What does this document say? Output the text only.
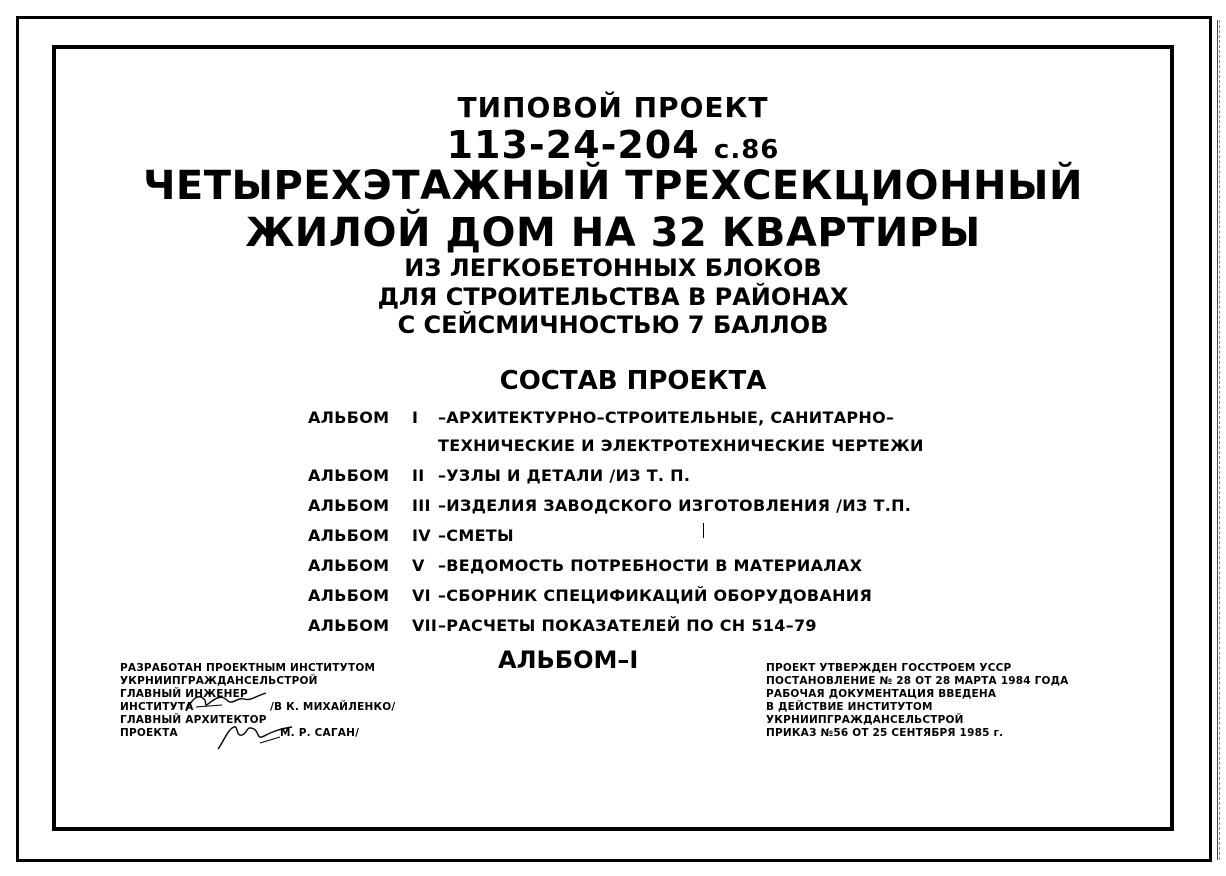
ТИПОВОЙ ПРОЕКТ
113-24-204 с.86
ЧЕТЫРЕХЭТАЖНЫЙ ТРЕХСЕКЦИОННЫЙ
ЖИЛОЙ ДОМ НА 32 КВАРТИРЫ
ИЗ ЛЕГКОБЕТОННЫХ БЛОКОВ
ДЛЯ СТРОИТЕЛЬСТВА В РАЙОНАХ
С СЕЙСМИЧНОСТЬЮ 7 БАЛЛОВ
СОСТАВ ПРОЕКТА
АЛЬБОМ I –АРХИТЕКТУРНО–СТРОИТЕЛЬНЫЕ, САНИТАРНО–
ТЕХНИЧЕСКИЕ И ЭЛЕКТРОТЕХНИЧЕСКИЕ ЧЕРТЕЖИ
АЛЬБОМ II –УЗЛЫ И ДЕТАЛИ /ИЗ Т. П.
АЛЬБОМ III –ИЗДЕЛИЯ ЗАВОДСКОГО ИЗГОТОВЛЕНИЯ /ИЗ Т.П.
АЛЬБОМ IV –СМЕТЫ
АЛЬБОМ V –ВЕДОМОСТЬ ПОТРЕБНОСТИ В МАТЕРИАЛАХ
АЛЬБОМ VI –СБОРНИК СПЕЦИФИКАЦИЙ ОБОРУДОВАНИЯ
АЛЬБОМ VII –РАСЧЕТЫ ПОКАЗАТЕЛЕЙ ПО СН 514–79
АЛЬБОМ–I
РАЗРАБОТАН ПРОЕКТНЫМ ИНСТИТУТОМ
УКРНИИПГРАЖДАНСЕЛЬСТРОЙ
ГЛАВНЫЙ ИНЖЕНЕР
ИНСТИТУТА	/В К. МИХАЙЛЕНКО/
ГЛАВНЫЙ АРХИТЕКТОР
ПРОЕКТА	М. Р. САГАН/
ПРОЕКТ УТВЕРЖДЕН ГОССТРОЕМ УССР
ПОСТАНОВЛЕНИЕ № 28 ОТ 28 МАРТА 1984 ГОДА
РАБОЧАЯ ДОКУМЕНТАЦИЯ ВВЕДЕНА
В ДЕЙСТВИЕ ИНСТИТУТОМ
УКРНИИПГРАЖДАНСЕЛЬСТРОЙ
ПРИКАЗ №56 ОТ 25 СЕНТЯБРЯ 1985 г.
